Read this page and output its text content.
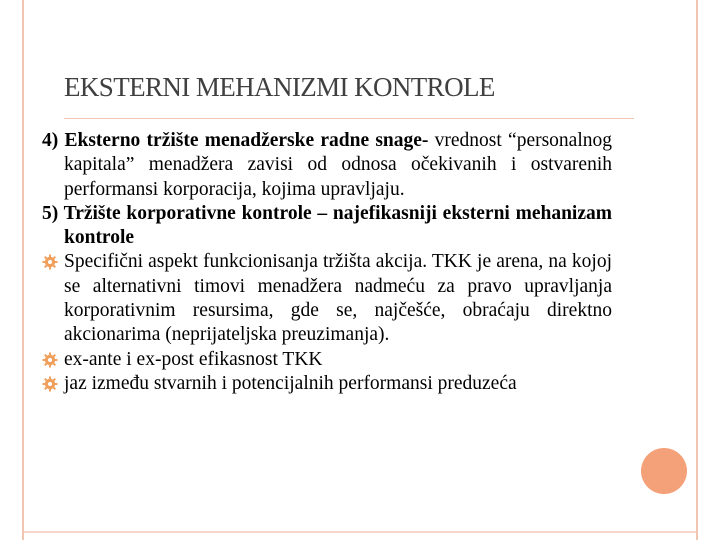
EKSTERNI MEHANIZMI KONTROLE
4) Eksterno tržište menadžerske radne snage- vrednost “personalnog kapitala” menadžera zavisi od odnosa očekivanih i ostvarenih performansi korporacija, kojima upravljaju.
5) Tržište korporativne kontrole – najefikasniji eksterni mehanizam kontrole
Specifični aspekt funkcionisanja tržišta akcija. TKK je arena, na kojoj se alternativni timovi menadžera nadmeću za pravo upravljanja korporativnim resursima, gde se, najčešće, obraćaju direktno akcionarima (neprijateljska preuzimanja).
ex-ante i ex-post efikasnost TKK
jaz između stvarnih i potencijalnih performansi preduzeća
